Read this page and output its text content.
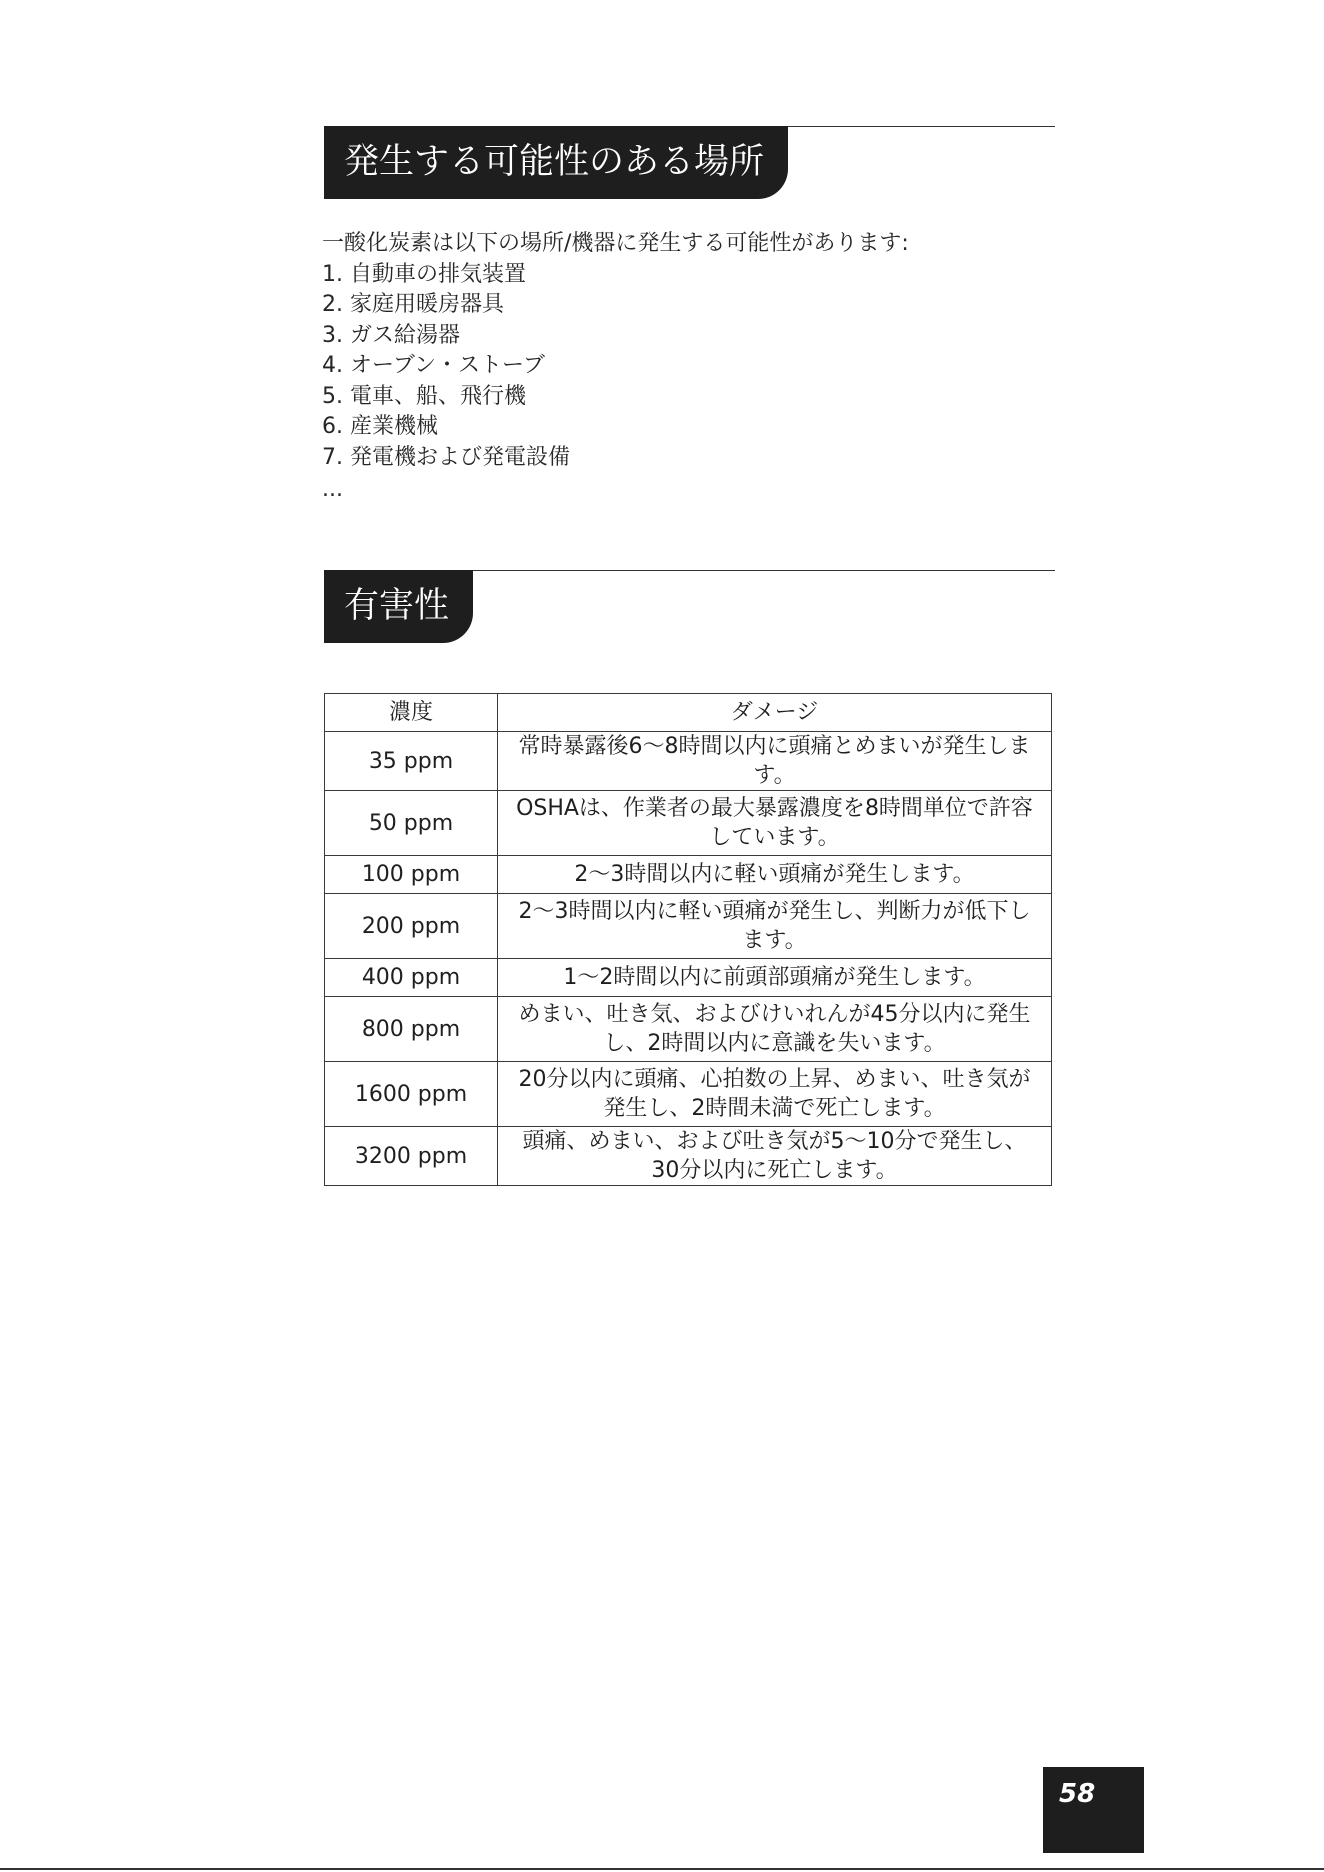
発生する可能性のある場所
一酸化炭素は以下の場所/機器に発生する可能性があります:
1. 自動車の排気装置
2. 家庭用暖房器具
3. ガス給湯器
4. オーブン・ストーブ
5. 電車、船、飛行機
6. 産業機械
7. 発電機および発電設備
...
有害性
濃度	ダメージ
35 ppm	常時暴露後6〜8時間以内に頭痛とめまいが発生します。
50 ppm	OSHAは、作業者の最大暴露濃度を8時間単位で許容しています。
100 ppm	2〜3時間以内に軽い頭痛が発生します。
200 ppm	2〜3時間以内に軽い頭痛が発生し、判断力が低下します。
400 ppm	1〜2時間以内に前頭部頭痛が発生します。
800 ppm	めまい、吐き気、およびけいれんが45分以内に発生し、2時間以内に意識を失います。
1600 ppm	20分以内に頭痛、心拍数の上昇、めまい、吐き気が発生し、2時間未満で死亡します。
3200 ppm	頭痛、めまい、および吐き気が5〜10分で発生し、30分以内に死亡します。
58
